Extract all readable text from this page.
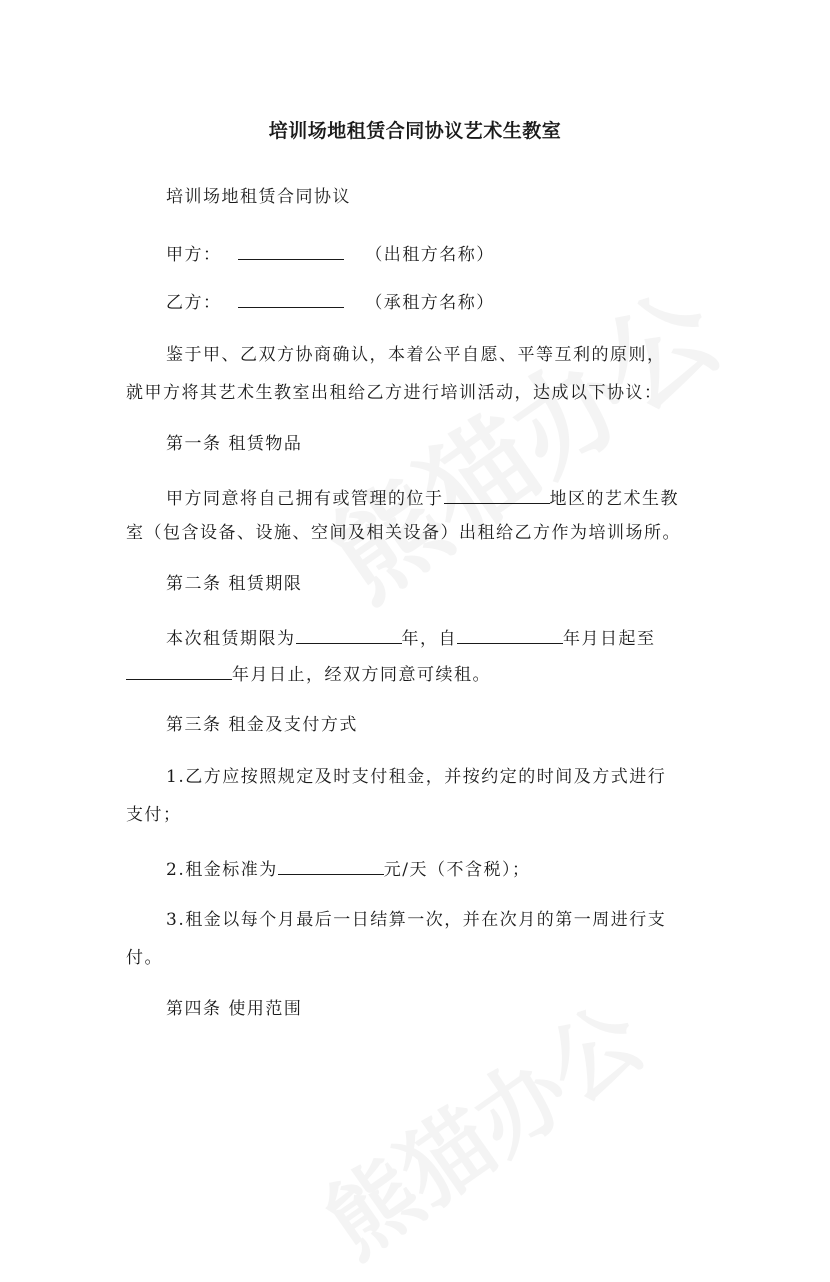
培训场地租赁合同协议艺术生教室
培训场地租赁合同协议
甲方：	（出租方名称）
乙方：	（承租方名称）
鉴于甲、乙双方协商确认，本着公平自愿、平等互利的原则，
就甲方将其艺术生教室出租给乙方进行培训活动，达成以下协议：
第一条 租赁物品
甲方同意将自己拥有或管理的位于	地区的艺术生教
室（包含设备、设施、空间及相关设备）出租给乙方作为培训场所。
第二条 租赁期限
本次租赁期限为	年，自	年月日起至
年月日止，经双方同意可续租。
第三条 租金及支付方式
1.乙方应按照规定及时支付租金，并按约定的时间及方式进行
支付；
2.租金标准为	元/天（不含税）；
3.租金以每个月最后一日结算一次，并在次月的第一周进行支
付。
第四条 使用范围
